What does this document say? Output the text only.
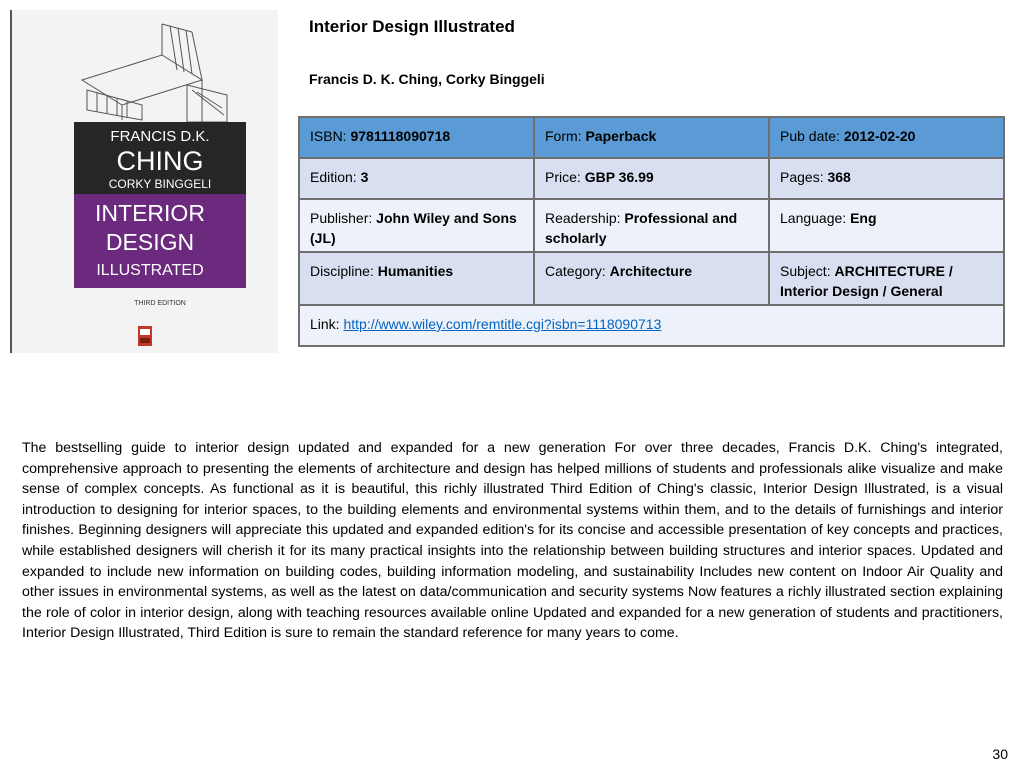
FRANCIS D.K.
CHING
CORKY BINGGELI
INTERIOR
DESIGN
ILLUSTRATED
THIRD EDITION
Interior Design Illustrated
Francis D. K. Ching, Corky Binggeli
ISBN: 9781118090718	Form: Paperback	Pub date: 2012-02-20
Edition: 3	Price: GBP 36.99	Pages: 368
Publisher: John Wiley and Sons (JL)	Readership: Professional and scholarly	Language: Eng
Discipline: Humanities	Category: Architecture	Subject: ARCHITECTURE / Interior Design / General
Link: http://www.wiley.com/remtitle.cgi?isbn=1118090713		

The bestselling guide to interior design updated and expanded for a new generation For over three decades, Francis D.K. Ching's integrated, comprehensive approach to presenting the elements of architecture and design has helped millions of students and professionals alike visualize and make sense of complex concepts. As functional as it is beautiful, this richly illustrated Third Edition of Ching's classic, Interior Design Illustrated, is a visual introduction to designing for interior spaces, to the building elements and environmental systems within them, and to the details of furnishings and interior finishes. Beginning designers will appreciate this updated and expanded edition's for its concise and accessible presentation of key concepts and practices, while established designers will cherish it for its many practical insights into the relationship between building structures and interior spaces. Updated and expanded to include new information on building codes, building information modeling, and sustainability Includes new content on Indoor Air Quality and other issues in environmental systems, as well as the latest on data/communication and security systems Now features a richly illustrated section explaining the role of color in interior design, along with teaching resources available online Updated and expanded for a new generation of students and practitioners, Interior Design Illustrated, Third Edition is sure to remain the standard reference for many years to come.

30
